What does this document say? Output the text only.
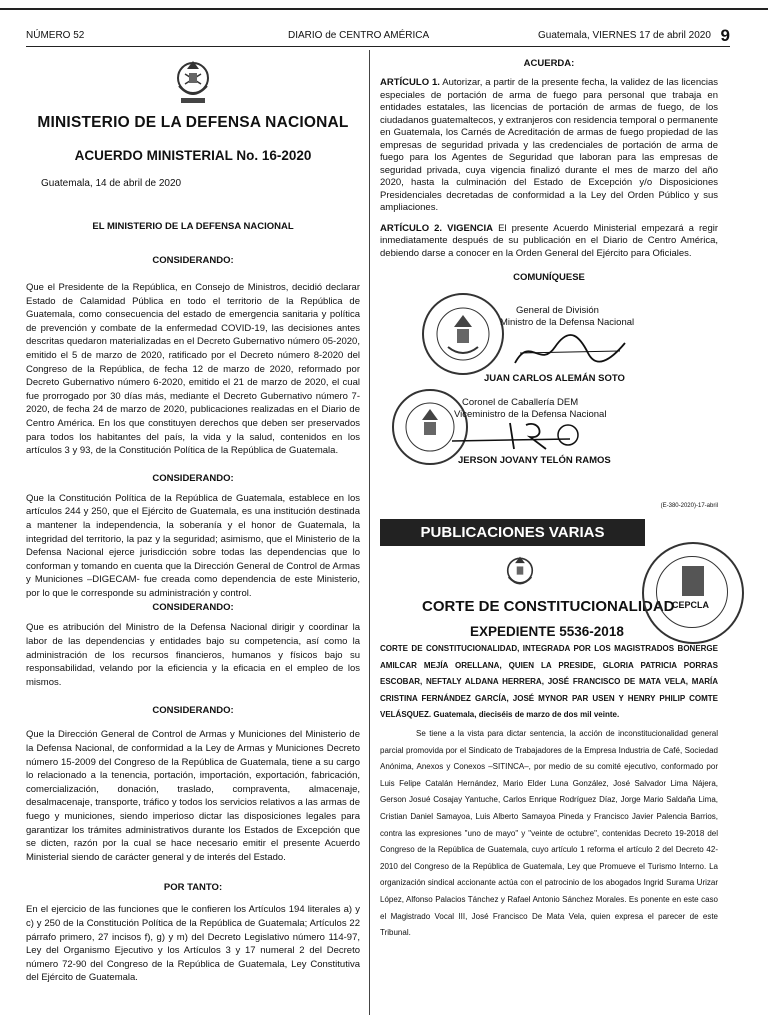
NÚMERO 52	DIARIO de CENTRO AMÉRICA	Guatemala, VIERNES 17 de abril 2020 9
MINISTERIO DE LA DEFENSA NACIONAL
ACUERDO MINISTERIAL No. 16-2020
Guatemala, 14 de abril de 2020
EL MINISTERIO DE LA DEFENSA NACIONAL
CONSIDERANDO:

Que el Presidente de la República, en Consejo de Ministros, decidió declarar Estado de Calamidad Pública en todo el territorio de la República de Guatemala, como consecuencia del estado de emergencia sanitaria y política de prevención y combate de la enfermedad COVID-19, las decisiones antes descritas quedaron materializadas en el Decreto Gubernativo número 05-2020, emitido el 5 de marzo de 2020, ratificado por el Decreto número 8-2020 del Congreso de la República, de fecha 12 de marzo de 2020, reformado por Decreto Gubernativo número 6-2020, emitido el 21 de marzo de 2020, el cual fue prorrogado por 30 días más, mediante el Decreto Gubernativo número 7-2020, de fecha 24 de marzo de 2020, publicaciones realizadas en el Diario de Centro América. En los que constituyen derechos que deben ser preservados para todos los habitantes del país, la vida y la salud, contenidos en los artículos 3 y 93, de la Constitución Política de la República de Guatemala.

CONSIDERANDO:

Que la Constitución Política de la República de Guatemala, establece en los artículos 244 y 250, que el Ejército de Guatemala, es una institución destinada a mantener la independencia, la soberanía y el honor de Guatemala, la integridad del territorio, la paz y la seguridad; asimismo, que el Ministerio de la Defensa Nacional ejerce jurisdicción sobre todas las dependencias que lo conforman y tomando en cuenta que la Dirección General de Control de Armas y Municiones –DIGECAM- fue creada como dependencia de este Ministerio, por lo que le corresponde su administración y control.

CONSIDERANDO:

Que es atribución del Ministro de la Defensa Nacional dirigir y coordinar la labor de las dependencias y entidades bajo su competencia, así como la administración de los recursos financieros, humanos y físicos bajo su responsabilidad, velando por la eficiencia y la eficacia en el empleo de los mismos.

CONSIDERANDO:

Que la Dirección General de Control de Armas y Municiones del Ministerio de la Defensa Nacional, de conformidad a la Ley de Armas y Municiones Decreto número 15-2009 del Congreso de la República de Guatemala, tiene a su cargo lo relacionado a la tenencia, portación, importación, exportación, fabricación, comercialización, donación, traslado, compraventa, almacenaje, desalmacenaje, transporte, tráfico y todos los servicios relativos a las armas de fuego y municiones, siendo imperioso dictar las disposiciones legales para garantizar los trámites administrativos durante los Estados de Excepción que se dicten, razón por la cual se hace necesario emitir el presente Acuerdo Ministerial siendo de carácter general y de interés del Estado.

POR TANTO:

En el ejercicio de las funciones que le confieren los Artículos 194 literales a) y c) y 250 de la Constitución Política de la República de Guatemala; Artículos 22 párrafo primero, 27 incisos f), g) y m) del Decreto Legislativo número 114-97, Ley del Organismo Ejecutivo y los Artículos 3 y 17 numeral 2 del Decreto número 72-90 del Congreso de la República de Guatemala, Ley Constitutiva del Ejército de Guatemala.

ACUERDA:

ARTÍCULO 1. Autorizar, a partir de la presente fecha, la validez de las licencias especiales de portación de arma de fuego para personal que trabaja en entidades estatales, las licencias de portación de armas de fuego, de los ciudadanos guatemaltecos, y extranjeros con residencia temporal o permanente en Guatemala, los Carnés de Acreditación de armas de fuego propiedad de las empresas de seguridad privada y las credenciales de portación de arma de fuego para los Agentes de Seguridad que laboran para las empresas de seguridad privada, cuya vigencia finalizó durante el mes de marzo del año 2020, hasta la culminación del Estado de Excepción y/o Disposiciones Presidenciales decretadas de conformidad a la Ley del Orden Público y sus ampliaciones.

ARTÍCULO 2. VIGENCIA El presente Acuerdo Ministerial empezará a regir inmediatamente después de su publicación en el Diario de Centro América, debiendo darse a conocer en la Orden General del Ejército para Oficiales.

COMUNÍQUESE
General de División
Ministro de la Defensa Nacional
JUAN CARLOS ALEMÁN SOTO
Coronel de Caballería DEM
Viceministro de la Defensa Nacional
JERSON JOVANY TELÓN RAMOS
(E-380-2020)-17-abril
PUBLICACIONES VARIAS
CORTE DE CONSTITUCIONALIDAD
CEPCLA
EXPEDIENTE 5536-2018

CORTE DE CONSTITUCIONALIDAD, INTEGRADA POR LOS MAGISTRADOS BONERGE AMILCAR MEJÍA ORELLANA, QUIEN LA PRESIDE, GLORIA PATRICIA PORRAS ESCOBAR, NEFTALY ALDANA HERRERA, JOSÉ FRANCISCO DE MATA VELA, MARÍA CRISTINA FERNÁNDEZ GARCÍA, JOSÉ MYNOR PAR USEN Y HENRY PHILIP COMTE VELÁSQUEZ. Guatemala, dieciséis de marzo de dos mil veinte.

Se tiene a la vista para dictar sentencia, la acción de inconstitucionalidad general parcial promovida por el Sindicato de Trabajadores de la Empresa Industria de Café, Sociedad Anónima, Anexos y Conexos –SITINCA–, por medio de su comité ejecutivo, conformado por Luis Felipe Catalán Hernández, Mario Elder Luna González, José Salvador Lima Nájera, Gerson Josué Cosajay Yantuche, Carlos Enrique Rodríguez Díaz, Jorge Mario Saldaña Lima, Cristian Daniel Samayoa, Luis Alberto Samayoa Pineda y Francisco Javier Palencia Barrios, contra las expresiones "uno de mayo" y "veinte de octubre", contenidas Decreto 19-2018 del Congreso de la República de Guatemala, cuyo artículo 1 reforma el artículo 2 del Decreto 42-2010 del Congreso de la República de Guatemala, Ley que Promueve el Turismo Interno. La organización sindical accionante actúa con el patrocinio de los abogados Ingrid Surama Urizar López, Alfonso Palacios Tánchez y Rafael Antonio Sánchez Morales. Es ponente en este caso el Magistrado Vocal III, José Francisco De Mata Vela, quien expresa el parecer de este Tribunal.
